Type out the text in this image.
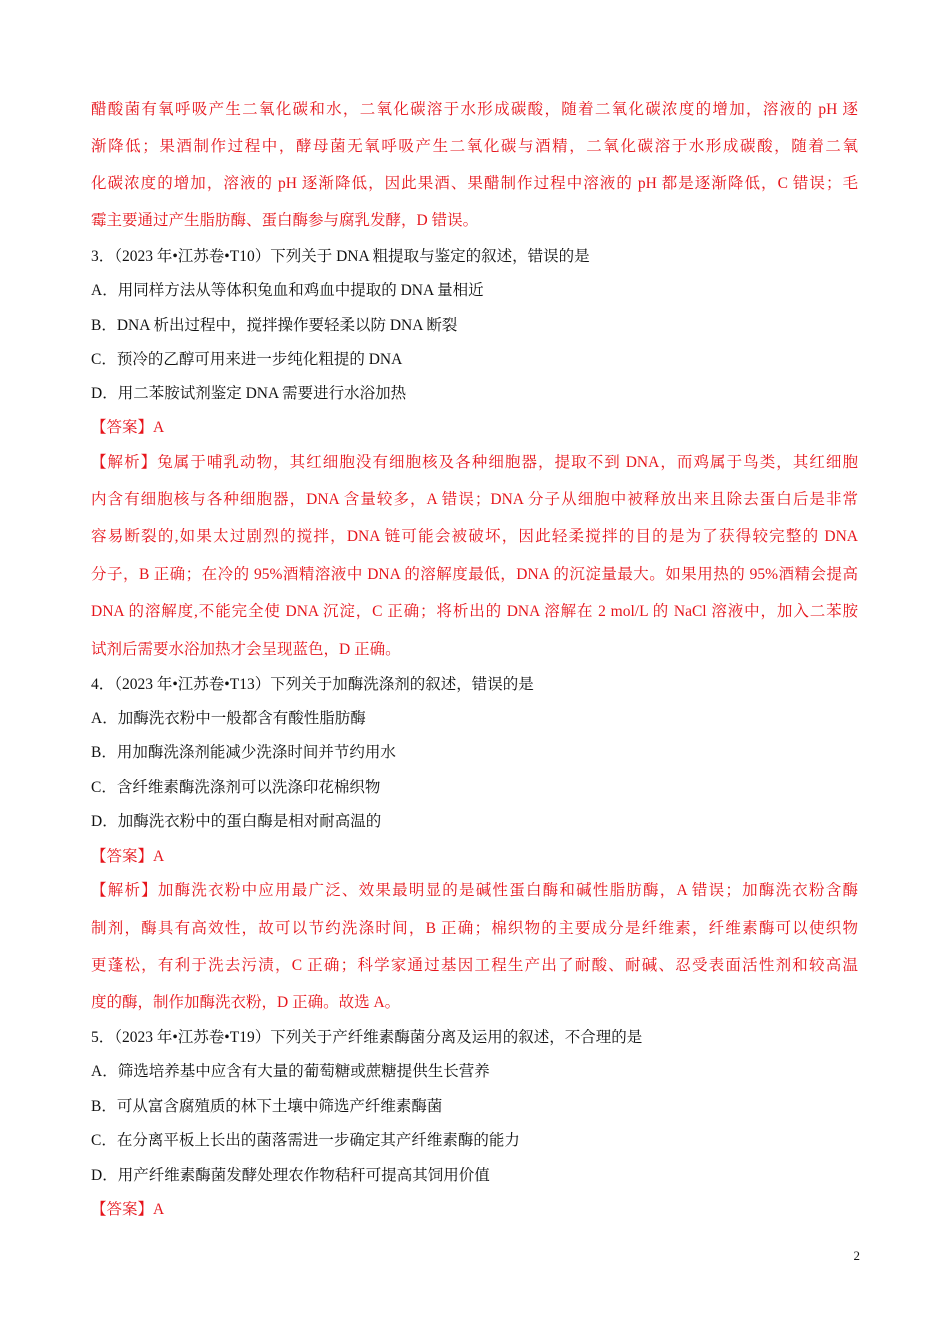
醋酸菌有氧呼吸产生二氧化碳和水，二氧化碳溶于水形成碳酸，随着二氧化碳浓度的增加，溶液的 pH 逐
渐降低；果酒制作过程中，酵母菌无氧呼吸产生二氧化碳与酒精，二氧化碳溶于水形成碳酸，随着二氧
化碳浓度的增加，溶液的 pH 逐渐降低，因此果酒、果醋制作过程中溶液的 pH 都是逐渐降低，C 错误；毛
霉主要通过产生脂肪酶、蛋白酶参与腐乳发酵，D 错误。
3．（2023 年•江苏卷•T10）下列关于 DNA 粗提取与鉴定的叙述，错误的是
A．用同样方法从等体积兔血和鸡血中提取的 DNA 量相近
B．DNA 析出过程中，搅拌操作要轻柔以防 DNA 断裂
C．预冷的乙醇可用来进一步纯化粗提的 DNA
D．用二苯胺试剂鉴定 DNA 需要进行水浴加热
【答案】A
【解析】兔属于哺乳动物，其红细胞没有细胞核及各种细胞器，提取不到 DNA，而鸡属于鸟类，其红细胞
内含有细胞核与各种细胞器，DNA 含量较多，A 错误；DNA 分子从细胞中被释放出来且除去蛋白后是非常
容易断裂的,如果太过剧烈的搅拌，DNA 链可能会被破坏，因此轻柔搅拌的目的是为了获得较完整的 DNA
分子，B 正确；在冷的 95%酒精溶液中 DNA 的溶解度最低，DNA 的沉淀量最大。如果用热的 95%酒精会提高
DNA 的溶解度,不能完全使 DNA 沉淀，C 正确；将析出的 DNA 溶解在 2 mol/L 的 NaCl 溶液中，加入二苯胺
试剂后需要水浴加热才会呈现蓝色，D 正确。
4．（2023 年•江苏卷•T13）下列关于加酶洗涤剂的叙述，错误的是
A．加酶洗衣粉中一般都含有酸性脂肪酶
B．用加酶洗涤剂能减少洗涤时间并节约用水
C．含纤维素酶洗涤剂可以洗涤印花棉织物
D．加酶洗衣粉中的蛋白酶是相对耐高温的
【答案】A
【解析】加酶洗衣粉中应用最广泛、效果最明显的是碱性蛋白酶和碱性脂肪酶，A 错误；加酶洗衣粉含酶
制剂，酶具有高效性，故可以节约洗涤时间，B 正确；棉织物的主要成分是纤维素，纤维素酶可以使织物
更蓬松，有利于洗去污渍，C 正确；科学家通过基因工程生产出了耐酸、耐碱、忍受表面活性剂和较高温
度的酶，制作加酶洗衣粉，D 正确。故选 A。
5．（2023 年•江苏卷•T19）下列关于产纤维素酶菌分离及运用的叙述，不合理的是
A．筛选培养基中应含有大量的葡萄糖或蔗糖提供生长营养
B．可从富含腐殖质的林下土壤中筛选产纤维素酶菌
C．在分离平板上长出的菌落需进一步确定其产纤维素酶的能力
D．用产纤维素酶菌发酵处理农作物秸秆可提高其饲用价值
【答案】A
2
